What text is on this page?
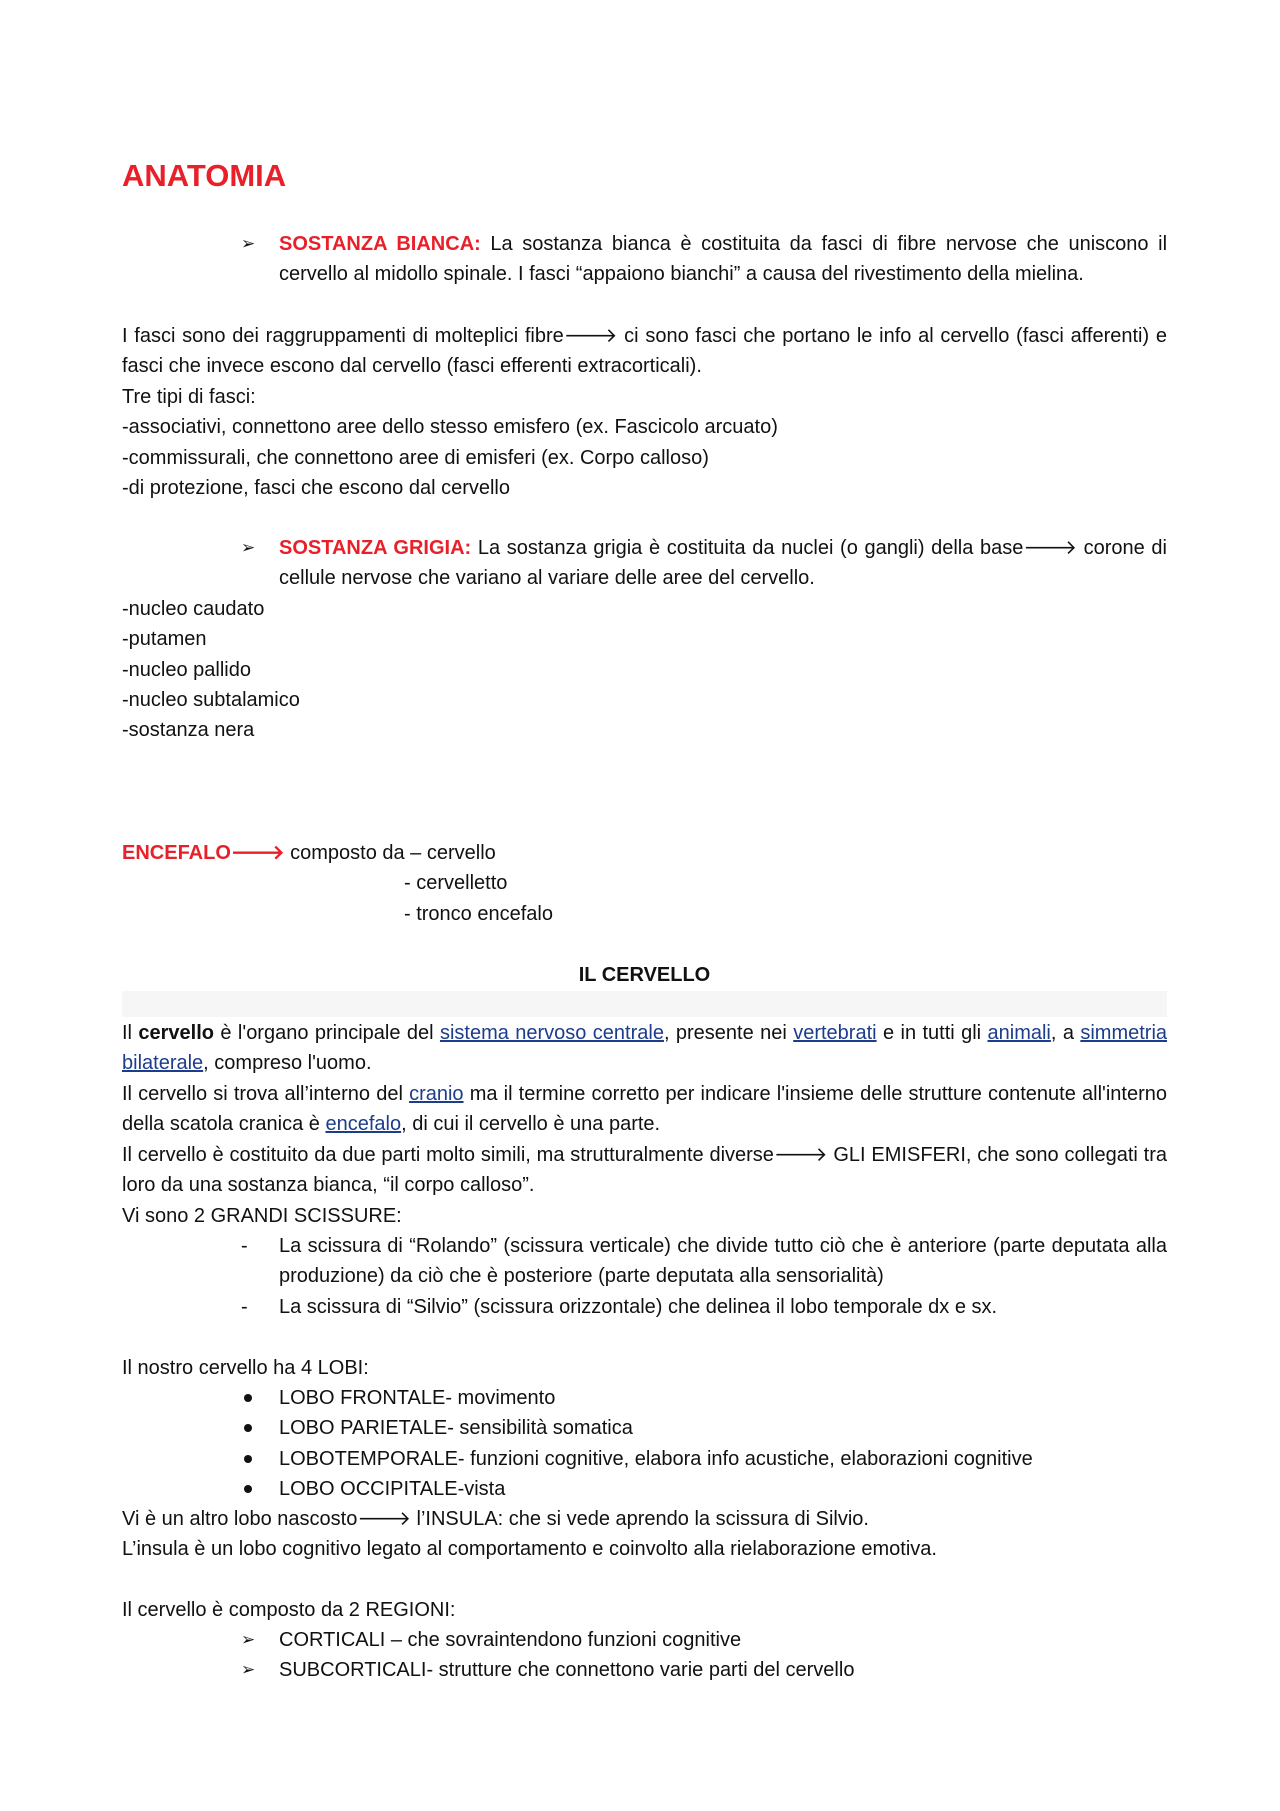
ANATOMIA
➢ SOSTANZA BIANCA: La sostanza bianca è costituita da fasci di fibre nervose che uniscono il cervello al midollo spinale. I fasci “appaiono bianchi” a causa del rivestimento della mielina.
I fasci sono dei raggruppamenti di molteplici fibre🡒 ci sono fasci che portano le info al cervello (fasci afferenti) e fasci che invece escono dal cervello (fasci efferenti extracorticali).
Tre tipi di fasci:
-associativi, connettono aree dello stesso emisfero (ex. Fascicolo arcuato)
-commissurali, che connettono aree di emisferi (ex. Corpo calloso)
-di protezione, fasci che escono dal cervello
➢ SOSTANZA GRIGIA: La sostanza grigia è costituita da nuclei (o gangli) della base🡒 corone di cellule nervose che variano al variare delle aree del cervello.
-nucleo caudato
-putamen
-nucleo pallido
-nucleo subtalamico
-sostanza nera
ENCEFALO🡒 composto da – cervello
- cervelletto
- tronco encefalo
IL CERVELLO
Il cervello è l'organo principale del sistema nervoso centrale, presente nei vertebrati e in tutti gli animali, a simmetria bilaterale, compreso l'uomo.
Il cervello si trova all’interno del cranio ma il termine corretto per indicare l'insieme delle strutture contenute all'interno della scatola cranica è encefalo, di cui il cervello è una parte.
Il cervello è costituito da due parti molto simili, ma strutturalmente diverse🡒 GLI EMISFERI, che sono collegati tra loro da una sostanza bianca, “il corpo calloso”.
Vi sono 2 GRANDI SCISSURE:
- La scissura di “Rolando” (scissura verticale) che divide tutto ciò che è anteriore (parte deputata alla produzione) da ciò che è posteriore (parte deputata alla sensorialità)
- La scissura di “Silvio” (scissura orizzontale) che delinea il lobo temporale dx e sx.
Il nostro cervello ha 4 LOBI:
LOBO FRONTALE- movimento
LOBO PARIETALE- sensibilità somatica
LOBOTEMPORALE- funzioni cognitive, elabora info acustiche, elaborazioni cognitive
LOBO OCCIPITALE-vista
Vi è un altro lobo nascosto🡒 l’INSULA: che si vede aprendo la scissura di Silvio.
L’insula è un lobo cognitivo legato al comportamento e coinvolto alla rielaborazione emotiva.
Il cervello è composto da 2 REGIONI:
➢ CORTICALI – che sovraintendono funzioni cognitive
➢ SUBCORTICALI- strutture che connettono varie parti del cervello
